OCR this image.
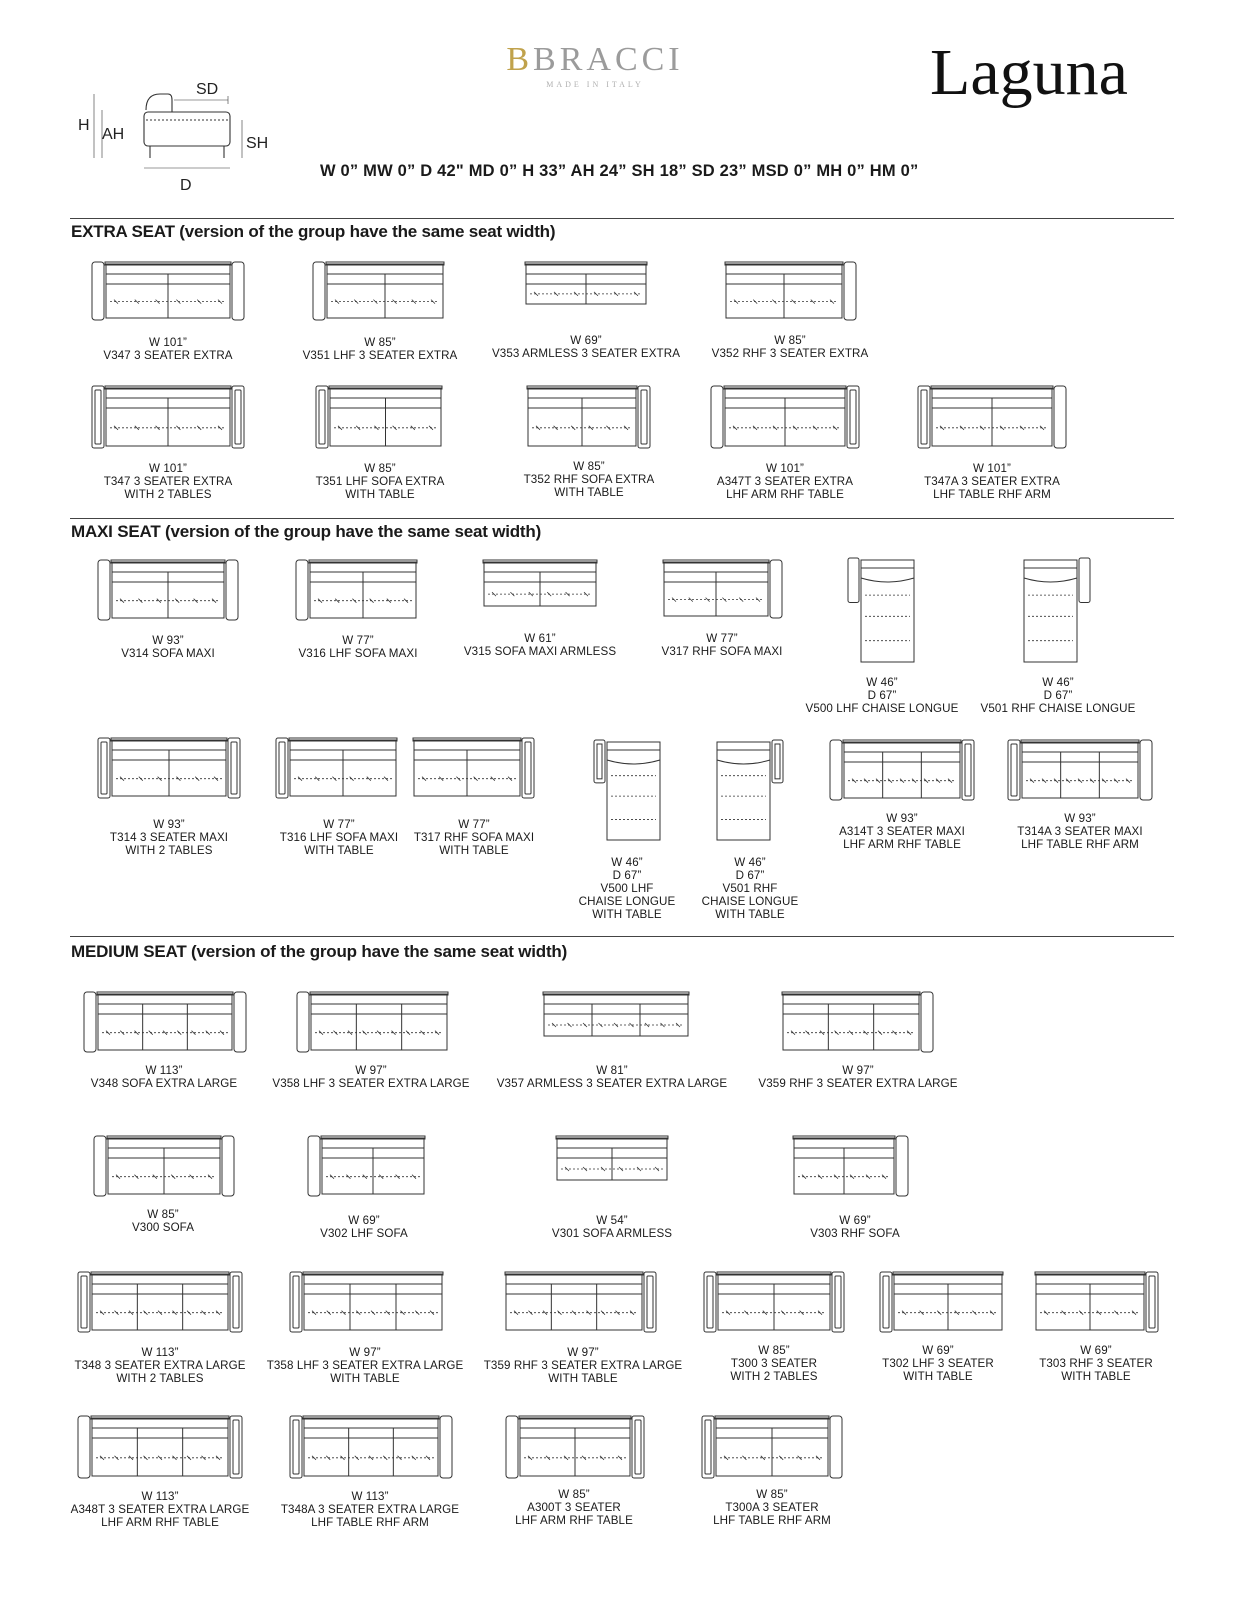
BBRACCI
MADE IN ITALY	Laguna
SD
H
AH
SH
D
W 0” MW 0” D 42" MD 0” H 33” AH 24” SH 18” SD 23” MSD 0” MH 0” HM 0”
EXTRA SEAT (version of the group have the same seat width)
MAXI SEAT (version of the group have the same seat width)
MEDIUM SEAT (version of the group have the same seat width)
W 101”
V347 3 SEATER EXTRA
W 85”
V351 LHF 3 SEATER EXTRA
W 69”
V353 ARMLESS 3 SEATER EXTRA
W 85”
V352 RHF 3 SEATER EXTRA
W 101”
T347 3 SEATER EXTRA
WITH 2 TABLES
W 85”
T351 LHF SOFA EXTRA
WITH TABLE
W 85”
T352 RHF SOFA EXTRA
WITH TABLE
W 101”
A347T 3 SEATER EXTRA
LHF ARM RHF TABLE
W 101”
T347A 3 SEATER EXTRA
LHF TABLE RHF ARM
W 93”
V314 SOFA MAXI
W 77”
V316 LHF SOFA MAXI
W 61”
V315 SOFA MAXI ARMLESS
W 77”
V317 RHF SOFA MAXI
W 46”
D 67”
V500 LHF CHAISE LONGUE
W 46”
D 67”
V501 RHF CHAISE LONGUE
W 93”
T314 3 SEATER MAXI
WITH 2 TABLES
W 77”
T316 LHF SOFA MAXI
WITH TABLE
W 77”
T317 RHF SOFA MAXI
WITH TABLE
W 46”
D 67”
V500 LHF
CHAISE LONGUE
WITH TABLE
W 46”
D 67”
V501 RHF
CHAISE LONGUE
WITH TABLE
W 93”
A314T 3 SEATER MAXI
LHF ARM RHF TABLE
W 93”
T314A 3 SEATER MAXI
LHF TABLE RHF ARM
W 113”
V348 SOFA EXTRA LARGE
W 97”
V358 LHF 3 SEATER EXTRA LARGE
W 81”
V357 ARMLESS 3 SEATER EXTRA LARGE
W 97”
V359 RHF 3 SEATER EXTRA LARGE
W 85”
V300 SOFA
W 69”
V302 LHF SOFA
W 54”
V301 SOFA ARMLESS
W 69”
V303 RHF SOFA
W 113”
T348 3 SEATER EXTRA LARGE
WITH 2 TABLES
W 97”
T358 LHF 3 SEATER EXTRA LARGE
WITH TABLE
W 97”
T359 RHF 3 SEATER EXTRA LARGE
WITH TABLE
W 85”
T300 3 SEATER
WITH 2 TABLES
W 69”
T302 LHF 3 SEATER
WITH TABLE
W 69”
T303 RHF 3 SEATER
WITH TABLE
W 113”
A348T 3 SEATER EXTRA LARGE
LHF ARM RHF TABLE
W 113”
T348A 3 SEATER EXTRA LARGE
LHF TABLE RHF ARM
W 85”
A300T 3 SEATER
LHF ARM RHF TABLE
W 85”
T300A 3 SEATER
LHF TABLE RHF ARM
